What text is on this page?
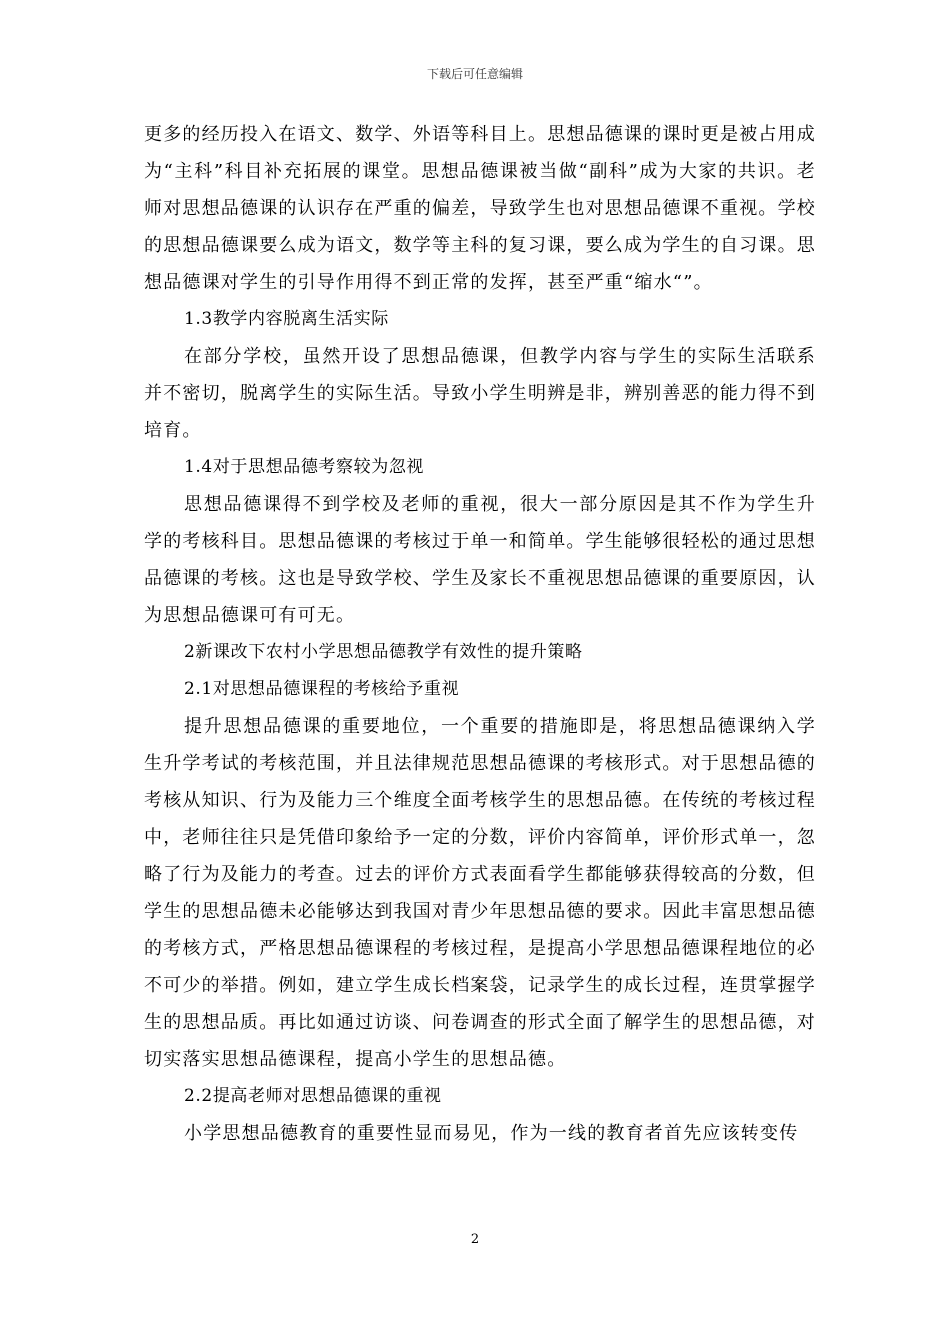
下载后可任意编辑

更多的经历投入在语文、数学、外语等科目上。思想品德课的课时更是被占用成为“主科”科目补充拓展的课堂。思想品德课被当做“副科”成为大家的共识。老师对思想品德课的认识存在严重的偏差，导致学生也对思想品德课不重视。学校的思想品德课要么成为语文，数学等主科的复习课，要么成为学生的自习课。思想品德课对学生的引导作用得不到正常的发挥，甚至严重“缩水“”。

1.3教学内容脱离生活实际

在部分学校，虽然开设了思想品德课，但教学内容与学生的实际生活联系并不密切，脱离学生的实际生活。导致小学生明辨是非，辨别善恶的能力得不到培育。

1.4对于思想品德考察较为忽视

思想品德课得不到学校及老师的重视，很大一部分原因是其不作为学生升学的考核科目。思想品德课的考核过于单一和简单。学生能够很轻松的通过思想品德课的考核。这也是导致学校、学生及家长不重视思想品德课的重要原因，认为思想品德课可有可无。

2新课改下农村小学思想品德教学有效性的提升策略

2.1对思想品德课程的考核给予重视

提升思想品德课的重要地位，一个重要的措施即是，将思想品德课纳入学生升学考试的考核范围，并且法律规范思想品德课的考核形式。对于思想品德的考核从知识、行为及能力三个维度全面考核学生的思想品德。在传统的考核过程中，老师往往只是凭借印象给予一定的分数，评价内容简单，评价形式单一，忽略了行为及能力的考查。过去的评价方式表面看学生都能够获得较高的分数，但学生的思想品德未必能够达到我国对青少年思想品德的要求。因此丰富思想品德的考核方式，严格思想品德课程的考核过程，是提高小学思想品德课程地位的必不可少的举措。例如，建立学生成长档案袋，记录学生的成长过程，连贯掌握学生的思想品质。再比如通过访谈、问卷调查的形式全面了解学生的思想品德，对切实落实思想品德课程，提高小学生的思想品德。

2.2提高老师对思想品德课的重视

小学思想品德教育的重要性显而易见，作为一线的教育者首先应该转变传

2
